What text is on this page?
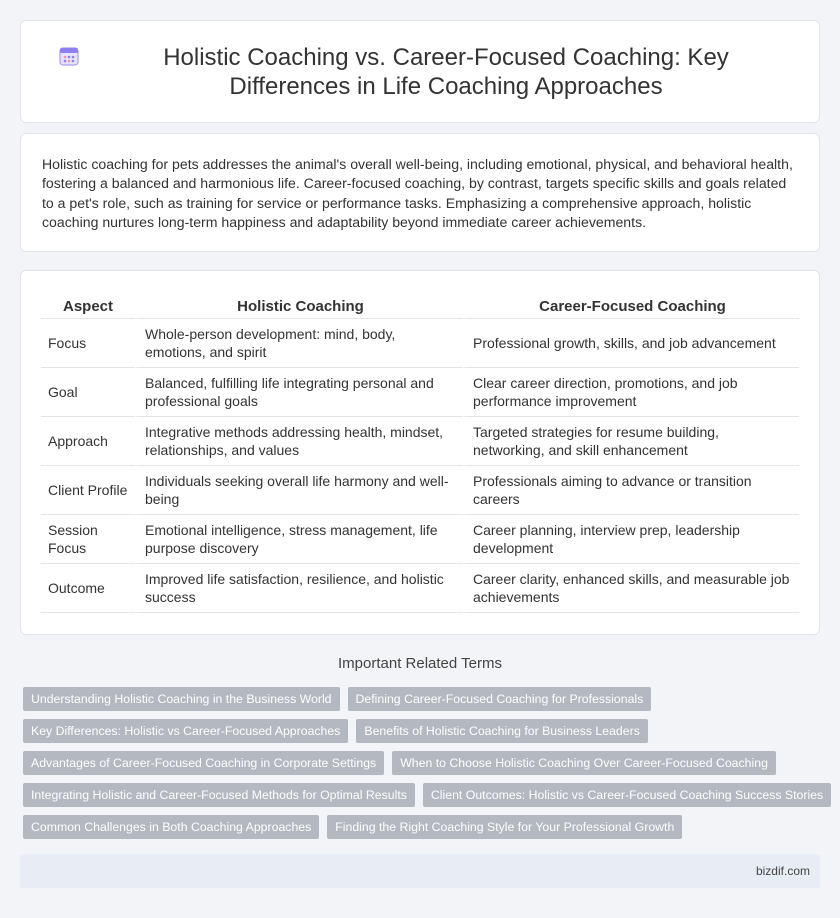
Holistic Coaching vs. Career-Focused Coaching: Key Differences in Life Coaching Approaches

Holistic coaching for pets addresses the animal's overall well-being, including emotional, physical, and behavioral health, fostering a balanced and harmonious life. Career-focused coaching, by contrast, targets specific skills and goals related to a pet's role, such as training for service or performance tasks. Emphasizing a comprehensive approach, holistic coaching nurtures long-term happiness and adaptability beyond immediate career achievements.

Aspect	Holistic Coaching	Career-Focused Coaching
Focus	Whole-person development: mind, body, emotions, and spirit	Professional growth, skills, and job advancement
Goal	Balanced, fulfilling life integrating personal and professional goals	Clear career direction, promotions, and job performance improvement
Approach	Integrative methods addressing health, mindset, relationships, and values	Targeted strategies for resume building, networking, and skill enhancement
Client Profile	Individuals seeking overall life harmony and well-being	Professionals aiming to advance or transition careers
Session Focus	Emotional intelligence, stress management, life purpose discovery	Career planning, interview prep, leadership development
Outcome	Improved life satisfaction, resilience, and holistic success	Career clarity, enhanced skills, and measurable job achievements
Important Related Terms
Understanding Holistic Coaching in the Business World	Defining Career-Focused Coaching for Professionals
Key Differences: Holistic vs Career-Focused Approaches	Benefits of Holistic Coaching for Business Leaders
Advantages of Career-Focused Coaching in Corporate Settings	When to Choose Holistic Coaching Over Career-Focused Coaching
Integrating Holistic and Career-Focused Methods for Optimal Results	Client Outcomes: Holistic vs Career-Focused Coaching Success Stories
Common Challenges in Both Coaching Approaches	Finding the Right Coaching Style for Your Professional Growth
bizdif.com
